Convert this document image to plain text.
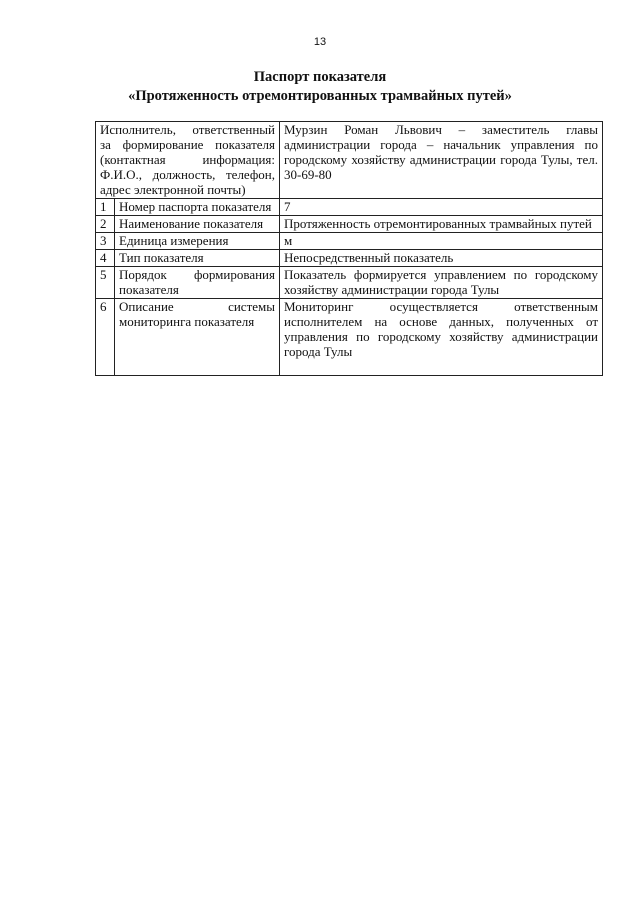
13
Паспорт показателя
«Протяженность отремонтированных трамвайных путей»
Исполнитель, ответственный за формирование показателя (контактная информация: Ф.И.О., должность, телефон, адрес электронной почты)		Мурзин Роман Львович – заместитель главы администрации города – начальник управления по городскому хозяйству администрации города Тулы, тел. 30-69-80
1	Номер паспорта показателя	7
2	Наименование показателя	Протяженность отремонтированных трамвайных путей
3	Единица измерения	м
4	Тип показателя	Непосредственный показатель
5	Порядок формирования показателя	Показатель формируется управлением по городскому хозяйству администрации города Тулы
6	Описание системы мониторинга показателя	Мониторинг осуществляется ответственным исполнителем на основе данных, полученных от управления по городскому хозяйству администрации города Тулы
